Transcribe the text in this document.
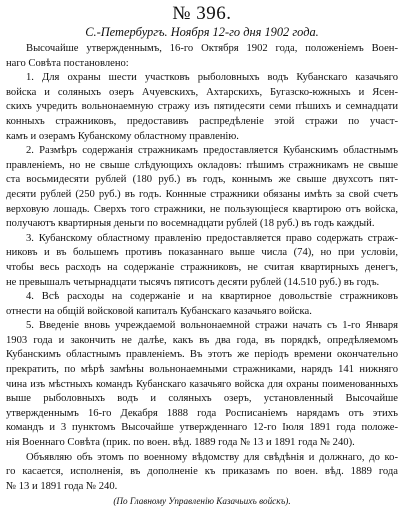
№ 396.
С.-Петербургъ. Ноября 12-го дня 1902 года.
Высочайше утвержденнымъ, 16-го Октября 1902 года, положеніемъ Воен-
наго Совѣта постановлено:
1. Для охраны шести участковъ рыболовныхъ водъ Кубанскаго казачьяго
войска и соляныхъ озеръ Ачуевскихъ, Ахтарскихъ, Бугазско-южныхъ и Ясен-
скихъ учредить вольнонаемную стражу изъ пятидесяти семи пѣшихъ и семнадцати
конныхъ стражниковъ, предоставивъ распредѣленіе этой стражи по участ-
камъ и озерамъ Кубанскому областному правленію.
2. Размѣръ содержанія стражникамъ предоставляется Кубанскимъ областнымъ
правленіемъ, но не свыше слѣдующихъ окладовъ: пѣшимъ стражникамъ не свыше
ста восьмидесяти рублей (180 руб.) въ годъ, коннымъ же свыше двухсотъ пят-
десяти рублей (250 руб.) въ годъ. Коннные стражники обязаны имѣть за свой счетъ
верховую лошадь. Сверхъ того стражники, не пользующіеся квартирою отъ войска,
получаютъ квартирныя деньги по восемнадцати рублей (18 руб.) въ годъ каждый.
3. Кубанскому областному правленію предоставляется право содержать страж-
никовъ и въ большемъ противъ показаннаго выше числа (74), но при условіи,
чтобы весь расходъ на содержаніе стражниковъ, не считая квартирныхъ денегъ,
не превышалъ четырнадцати тысячъ пятисотъ десяти рублей (14.510 руб.) въ годъ.
4. Всѣ расходы на содержаніе и на квартирное довольствіе стражниковъ
отнести на общій войсковой капиталъ Кубанскаго казачьяго войска.
5. Введеніе вновь учреждаемой вольнонаемной стражи начать съ 1-го Января
1903 года и закончить не далѣе, какъ въ два года, въ порядкѣ, опредѣляемомъ
Кубанскимъ областнымъ правленіемъ. Въ этотъ же періодъ времени окончательно
прекратить, по мѣрѣ замѣны вольнонаемными стражниками, нарядъ 141 нижняго
чина изъ мѣстныхъ командъ Кубанскаго казачьяго войска для охраны поименованныхъ
выше рыболовныхъ водъ и соляныхъ озеръ, установленный Высочайше
утвержденнымъ 16-го Декабря 1888 года Росписаніемъ нарядамъ отъ этихъ
командъ и 3 пунктомъ Высочайше утвержденнаго 12-го Іюля 1891 года положе-
нія Военнаго Совѣта (прик. по воен. вѣд. 1889 года № 13 и 1891 года № 240).
Объявляю объ этомъ по военному вѣдомству для свѣдѣнія и должнаго, до ко-
го касается, исполненія, въ дополненіе къ приказамъ по воен. вѣд. 1889 года
№ 13 и 1891 года № 240.
(По Главному Управленію Казачьихъ войскъ).
